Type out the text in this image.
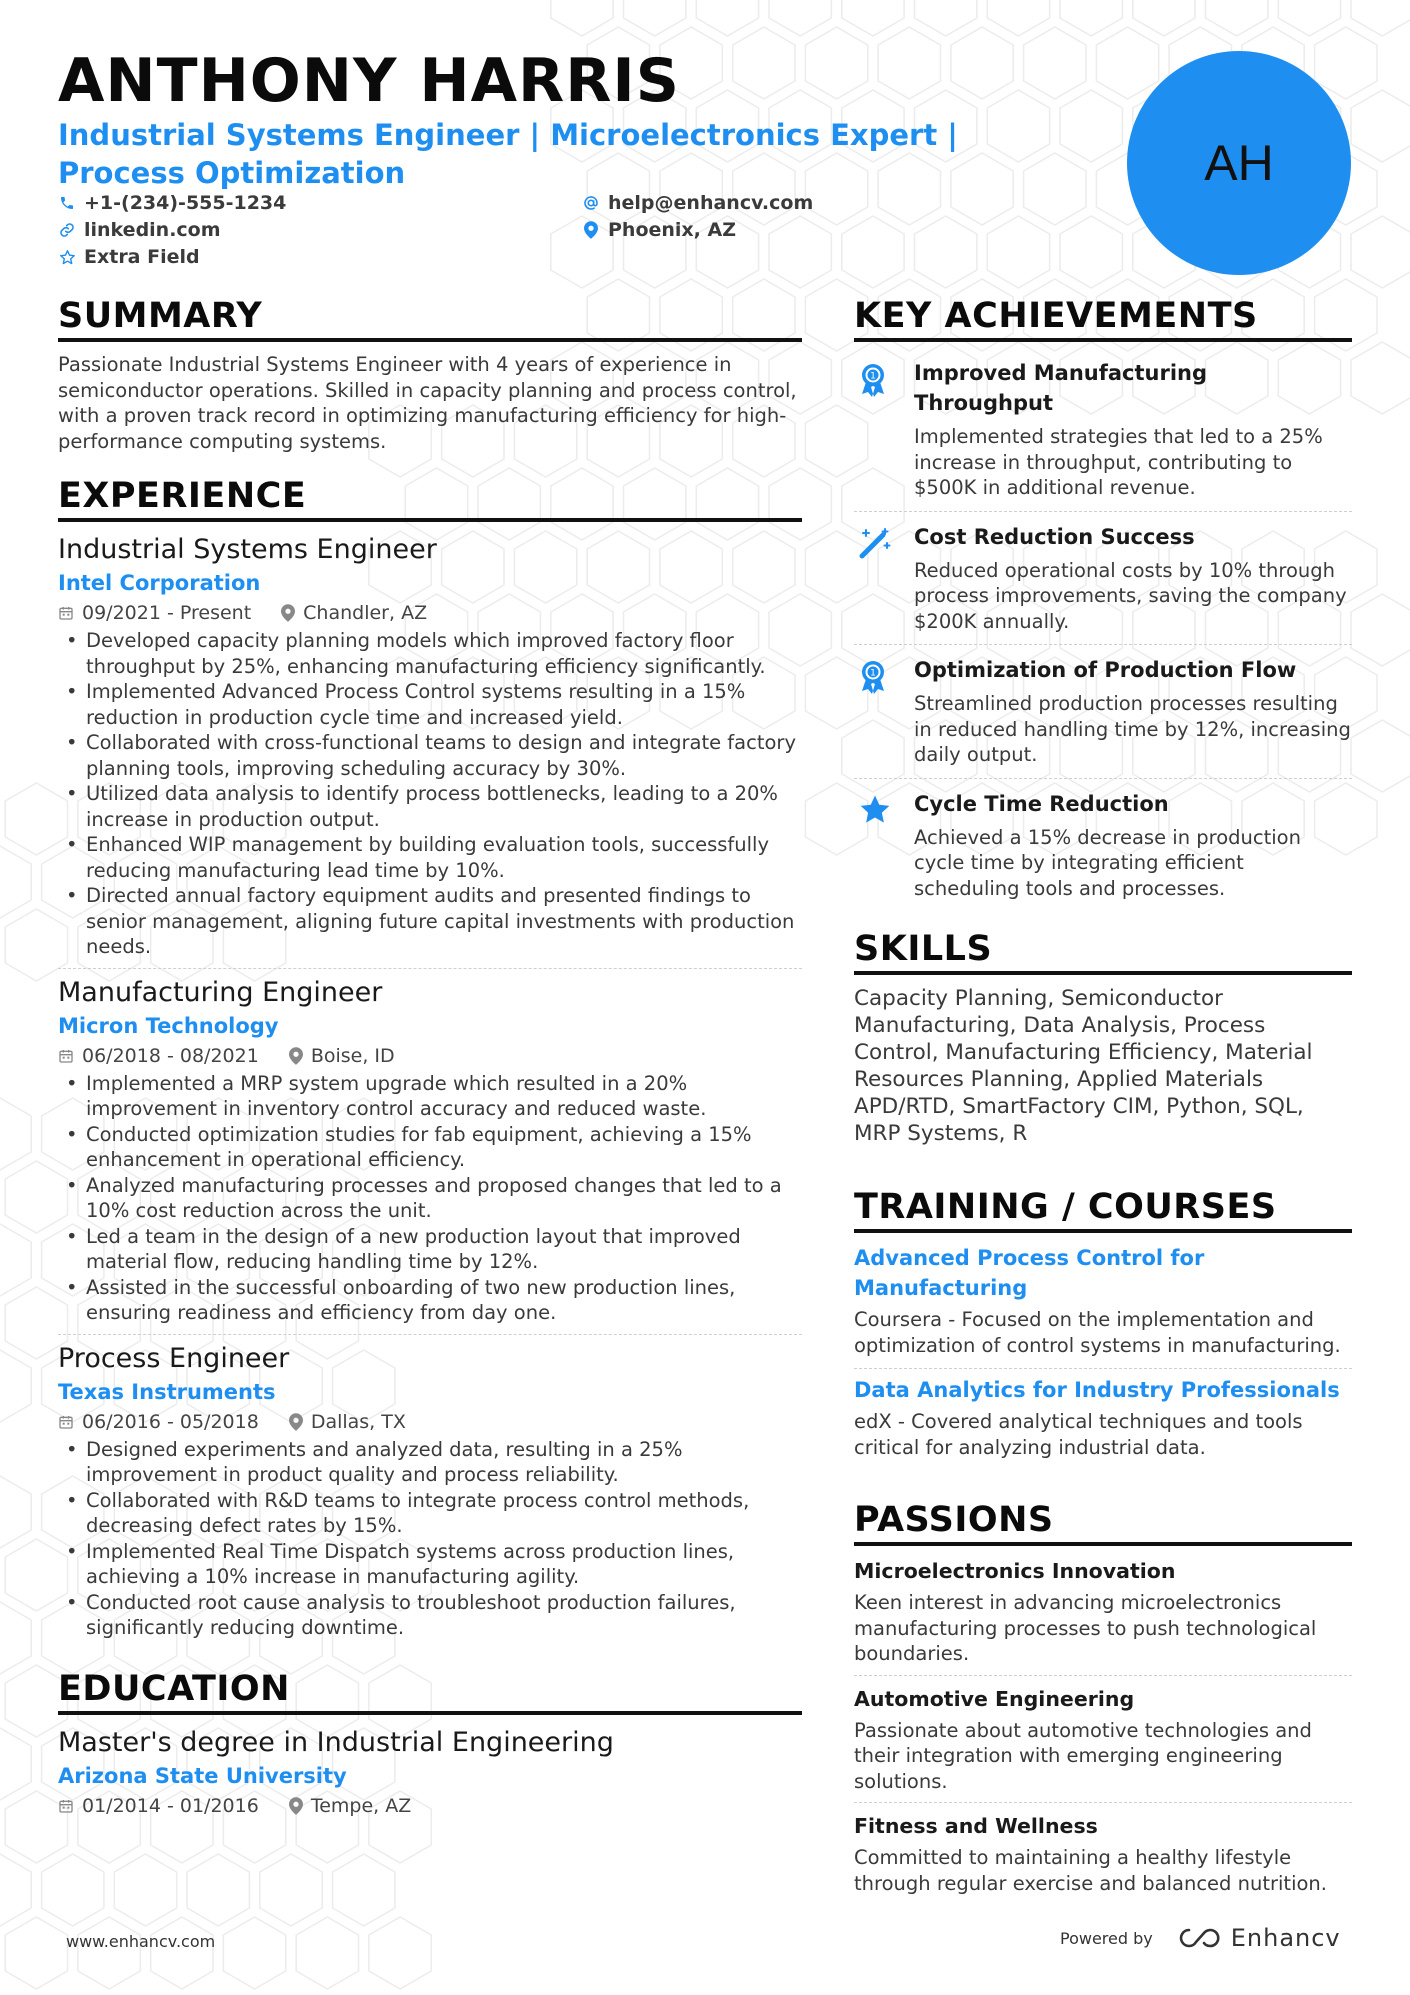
ANTHONY HARRIS
Industrial Systems Engineer | Microelectronics Expert | Process Optimization
+1-(234)-555-1234	help@enhancv.com
linkedin.com	Phoenix, AZ
Extra Field
AH
SUMMARY
Passionate Industrial Systems Engineer with 4 years of experience in semiconductor operations. Skilled in capacity planning and process control, with a proven track record in optimizing manufacturing efficiency for high-performance computing systems.
EXPERIENCE
Industrial Systems Engineer
Intel Corporation
09/2021 - Present	Chandler, AZ
• Developed capacity planning models which improved factory floor throughput by 25%, enhancing manufacturing efficiency significantly.
• Implemented Advanced Process Control systems resulting in a 15% reduction in production cycle time and increased yield.
• Collaborated with cross-functional teams to design and integrate factory planning tools, improving scheduling accuracy by 30%.
• Utilized data analysis to identify process bottlenecks, leading to a 20% increase in production output.
• Enhanced WIP management by building evaluation tools, successfully reducing manufacturing lead time by 10%.
• Directed annual factory equipment audits and presented findings to senior management, aligning future capital investments with production needs.
Manufacturing Engineer
Micron Technology
06/2018 - 08/2021	Boise, ID
• Implemented a MRP system upgrade which resulted in a 20% improvement in inventory control accuracy and reduced waste.
• Conducted optimization studies for fab equipment, achieving a 15% enhancement in operational efficiency.
• Analyzed manufacturing processes and proposed changes that led to a 10% cost reduction across the unit.
• Led a team in the design of a new production layout that improved material flow, reducing handling time by 12%.
• Assisted in the successful onboarding of two new production lines, ensuring readiness and efficiency from day one.
Process Engineer
Texas Instruments
06/2016 - 05/2018	Dallas, TX
• Designed experiments and analyzed data, resulting in a 25% improvement in product quality and process reliability.
• Collaborated with R&D teams to integrate process control methods, decreasing defect rates by 15%.
• Implemented Real Time Dispatch systems across production lines, achieving a 10% increase in manufacturing agility.
• Conducted root cause analysis to troubleshoot production failures, significantly reducing downtime.
EDUCATION
Master's degree in Industrial Engineering
Arizona State University
01/2014 - 01/2016	Tempe, AZ
KEY ACHIEVEMENTS
1 Improved Manufacturing Throughput
Implemented strategies that led to a 25% increase in throughput, contributing to $500K in additional revenue.
Cost Reduction Success
Reduced operational costs by 10% through process improvements, saving the company $200K annually.
1 Optimization of Production Flow
Streamlined production processes resulting in reduced handling time by 12%, increasing daily output.
Cycle Time Reduction
Achieved a 15% decrease in production cycle time by integrating efficient scheduling tools and processes.
SKILLS
Capacity Planning, Semiconductor Manufacturing, Data Analysis, Process Control, Manufacturing Efficiency, Material Resources Planning, Applied Materials APD/RTD, SmartFactory CIM, Python, SQL, MRP Systems, R
TRAINING / COURSES
Advanced Process Control for Manufacturing
Coursera - Focused on the implementation and optimization of control systems in manufacturing.
Data Analytics for Industry Professionals
edX - Covered analytical techniques and tools critical for analyzing industrial data.
PASSIONS
Microelectronics Innovation
Keen interest in advancing microelectronics manufacturing processes to push technological boundaries.
Automotive Engineering
Passionate about automotive technologies and their integration with emerging engineering solutions.
Fitness and Wellness
Committed to maintaining a healthy lifestyle through regular exercise and balanced nutrition.
www.enhancv.com	Powered by	Enhancv
